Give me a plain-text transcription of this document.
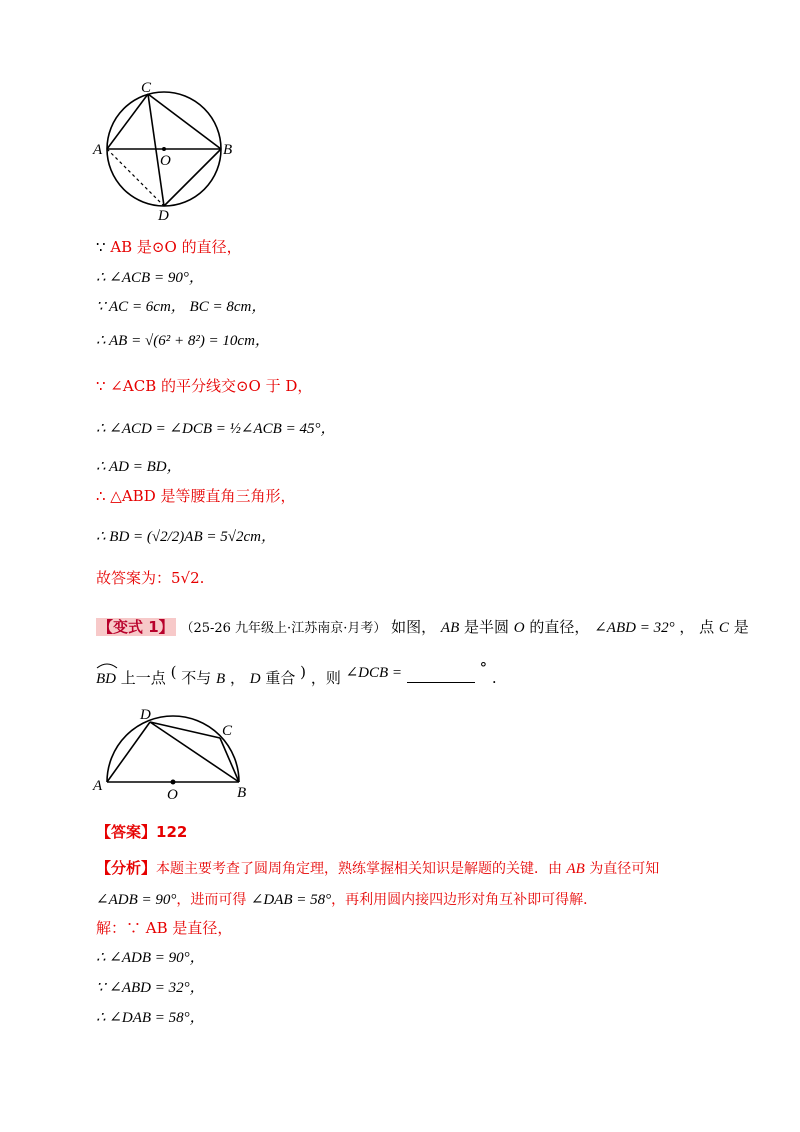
C
A	B
O
D
∵ AB 是⊙O 的直径，
∴ ∠ACB = 90°，
∵ AC = 6cm， BC = 8cm，
∴ AB = √(6² + 8²) = 10cm，
∵ ∠ACB 的平分线交⊙O 于 D，
∴ ∠ACD = ∠DCB = ½∠ACB = 45°，
∴ AD = BD，
∴ △ABD 是等腰直角三角形，
∴ BD = (√2/2)AB = 5√2cm，
故答案为：5√2.
【变式 1】 （25-26 九年级上·江苏南京·月考） 如图， AB 是半圆 O 的直径， ∠ABD = 32° ， 点 C 是
BD 上一点 ( 不与 B ， D 重合 ) ，则 ∠DCB =	° .
D
C
A
O	B
【答案】122
【分析】本题主要考查了圆周角定理，熟练掌握相关知识是解题的关键．由 AB 为直径可知
∠ADB = 90°，进而可得 ∠DAB = 58°，再利用圆内接四边形对角互补即可得解．
解：∵ AB 是直径，
∴ ∠ADB = 90°，
∵ ∠ABD = 32°，
∴ ∠DAB = 58°，
